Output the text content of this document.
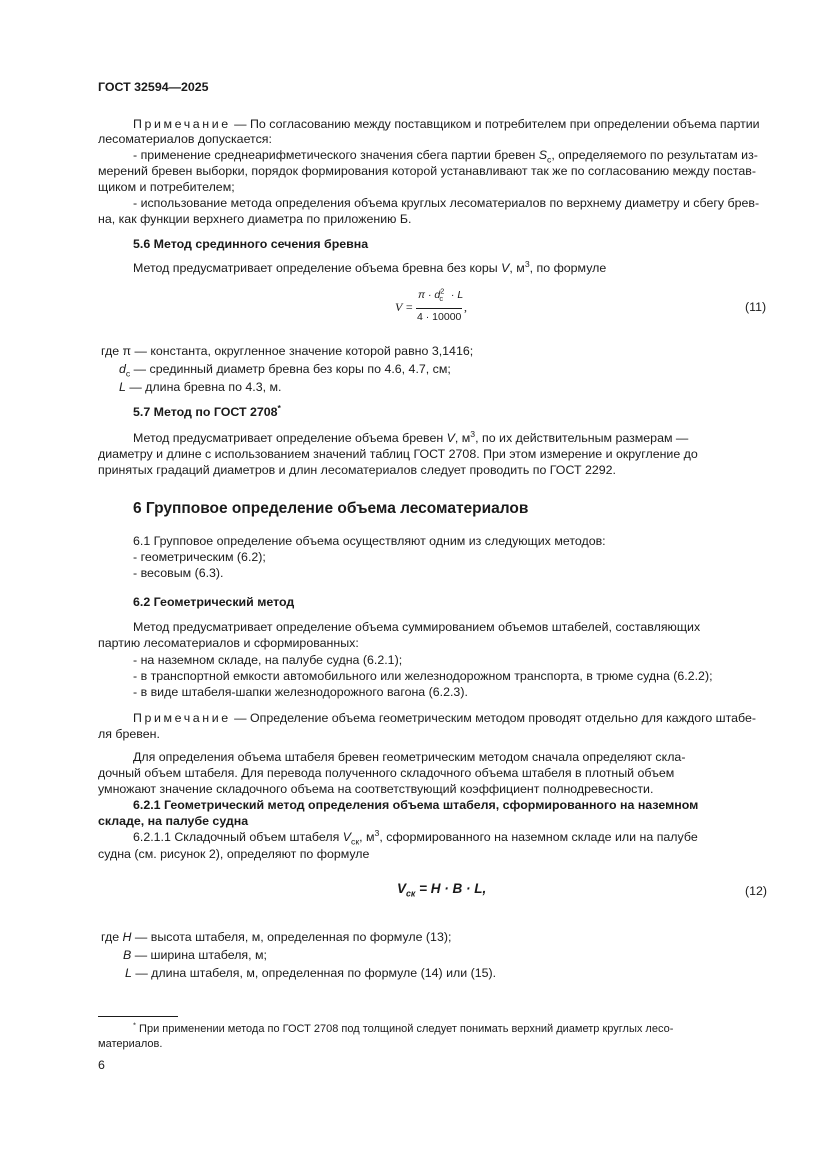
ГОСТ 32594—2025
Примечание — По согласованию между поставщиком и потребителем при определении объема партии
лесоматериалов допускается:
- применение среднеарифметического значения сбега партии бревен $S_с$, определяемого по результатам из-
мерений бревен выборки, порядок формирования которой устанавливают так же по согласованию между постав-
щиком и потребителем;
- использование метода определения объема круглых лесоматериалов по верхнему диаметру и сбегу брев-
на, как функции верхнего диаметра по приложению Б.
5.6 Метод срединного сечения бревна
Метод предусматривает определение объема бревна без коры V, $м^3$, по формуле
V =
$\pi \cdot d^2_с \cdot L$
4 · 10000
,	(11)
где π — константа, округленное значение которой равно 3,1416;
$d_с$ — срединный диаметр бревна без коры по 4.6, 4.7, см;
L — длина бревна по 4.3, м.
5.7 Метод по ГОСТ 2708*
Метод предусматривает определение объема бревен V, $м^3$, по их действительным размерам —
диаметру и длине с использованием значений таблиц ГОСТ 2708. При этом измерение и округление до
принятых градаций диаметров и длин лесоматериалов следует проводить по ГОСТ 2292.
6 Групповое определение объема лесоматериалов
6.1 Групповое определение объема осуществляют одним из следующих методов:
- геометрическим (6.2);
- весовым (6.3).
6.2 Геометрический метод
Метод предусматривает определение объема суммированием объемов штабелей, составляющих
партию лесоматериалов и сформированных:
- на наземном складе, на палубе судна (6.2.1);
- в транспортной емкости автомобильного или железнодорожном транспорта, в трюме судна (6.2.2);
- в виде штабеля-шапки железнодорожного вагона (6.2.3).
Примечание — Определение объема геометрическим методом проводят отдельно для каждого штабе-
ля бревен.
Для определения объема штабеля бревен геометрическим методом сначала определяют скла-
дочный объем штабеля. Для перевода полученного складочного объема штабеля в плотный объем
умножают значение складочного объема на соответствующий коэффициент полнодревесности.
6.2.1 Геометрический метод определения объема штабеля, сформированного на наземном
складе, на палубе судна
6.2.1.1 Складочный объем штабеля $V_{ск}$, $м^3$, сформированного на наземном складе или на палубе
судна (см. рисунок 2), определяют по формуле
$V_{ск} = H \cdot B \cdot L$,	(12)
где H — высота штабеля, м, определенная по формуле (13);
B — ширина штабеля, м;
L — длина штабеля, м, определенная по формуле (14) или (15).
* При применении метода по ГОСТ 2708 под толщиной следует понимать верхний диаметр круглых лесо-
материалов.
6
